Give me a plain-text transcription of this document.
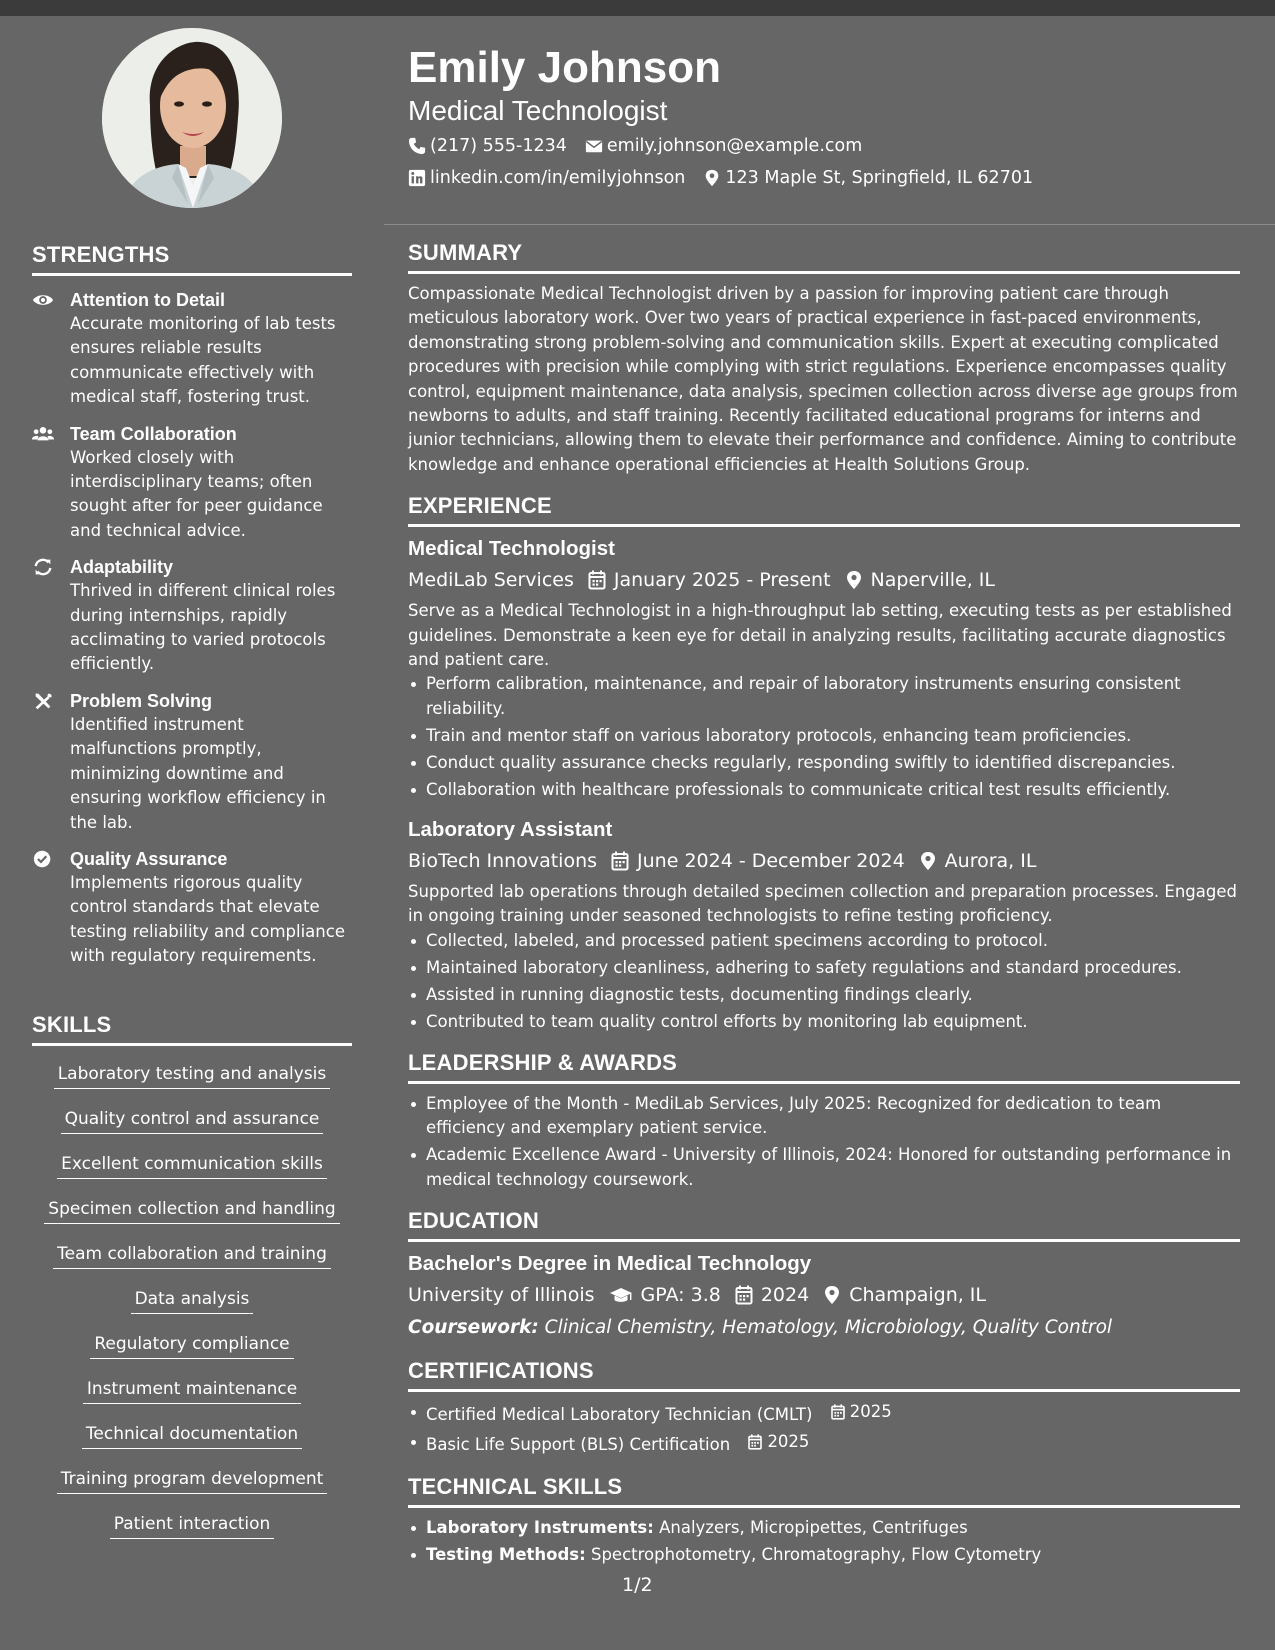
STRENGTHS
Attention to Detail
Accurate monitoring of lab tests ensures reliable results communicate effectively with medical staff, fostering trust.
Team Collaboration
Worked closely with interdisciplinary teams; often sought after for peer guidance and technical advice.
Adaptability
Thrived in different clinical roles during internships, rapidly acclimating to varied protocols efficiently.
Problem Solving
Identified instrument malfunctions promptly, minimizing downtime and ensuring workflow efficiency in the lab.
Quality Assurance
Implements rigorous quality control standards that elevate testing reliability and compliance with regulatory requirements.
SKILLS
Laboratory testing and analysis
Quality control and assurance
Excellent communication skills
Specimen collection and handling
Team collaboration and training
Data analysis
Regulatory compliance
Instrument maintenance
Technical documentation
Training program development
Patient interaction
Emily Johnson
Medical Technologist
(217) 555-1234 emily.johnson@example.com
linkedin.com/in/emilyjohnson 123 Maple St, Springfield, IL 62701
SUMMARY
Compassionate Medical Technologist driven by a passion for improving patient care through meticulous laboratory work. Over two years of practical experience in fast-paced environments, demonstrating strong problem-solving and communication skills. Expert at executing complicated procedures with precision while complying with strict regulations. Experience encompasses quality control, equipment maintenance, data analysis, specimen collection across diverse age groups from newborns to adults, and staff training. Recently facilitated educational programs for interns and junior technicians, allowing them to elevate their performance and confidence. Aiming to contribute knowledge and enhance operational efficiencies at Health Solutions Group.
EXPERIENCE
Medical Technologist
MediLab Services January 2025 - Present Naperville, IL
Serve as a Medical Technologist in a high-throughput lab setting, executing tests as per established guidelines. Demonstrate a keen eye for detail in analyzing results, facilitating accurate diagnostics and patient care.
Perform calibration, maintenance, and repair of laboratory instruments ensuring consistent reliability.
Train and mentor staff on various laboratory protocols, enhancing team proficiencies.
Conduct quality assurance checks regularly, responding swiftly to identified discrepancies.
Collaboration with healthcare professionals to communicate critical test results efficiently.
Laboratory Assistant
BioTech Innovations June 2024 - December 2024 Aurora, IL
Supported lab operations through detailed specimen collection and preparation processes. Engaged in ongoing training under seasoned technologists to refine testing proficiency.
Collected, labeled, and processed patient specimens according to protocol.
Maintained laboratory cleanliness, adhering to safety regulations and standard procedures.
Assisted in running diagnostic tests, documenting findings clearly.
Contributed to team quality control efforts by monitoring lab equipment.
LEADERSHIP & AWARDS
Employee of the Month - MediLab Services, July 2025: Recognized for dedication to team efficiency and exemplary patient service.
Academic Excellence Award - University of Illinois, 2024: Honored for outstanding performance in medical technology coursework.
EDUCATION
Bachelor's Degree in Medical Technology
University of Illinois GPA: 3.8 2024 Champaign, IL
Coursework: Clinical Chemistry, Hematology, Microbiology, Quality Control
CERTIFICATIONS
Certified Medical Laboratory Technician (CMLT) 2025
Basic Life Support (BLS) Certification 2025
TECHNICAL SKILLS
Laboratory Instruments: Analyzers, Micropipettes, Centrifuges
Testing Methods: Spectrophotometry, Chromatography, Flow Cytometry
1/2
